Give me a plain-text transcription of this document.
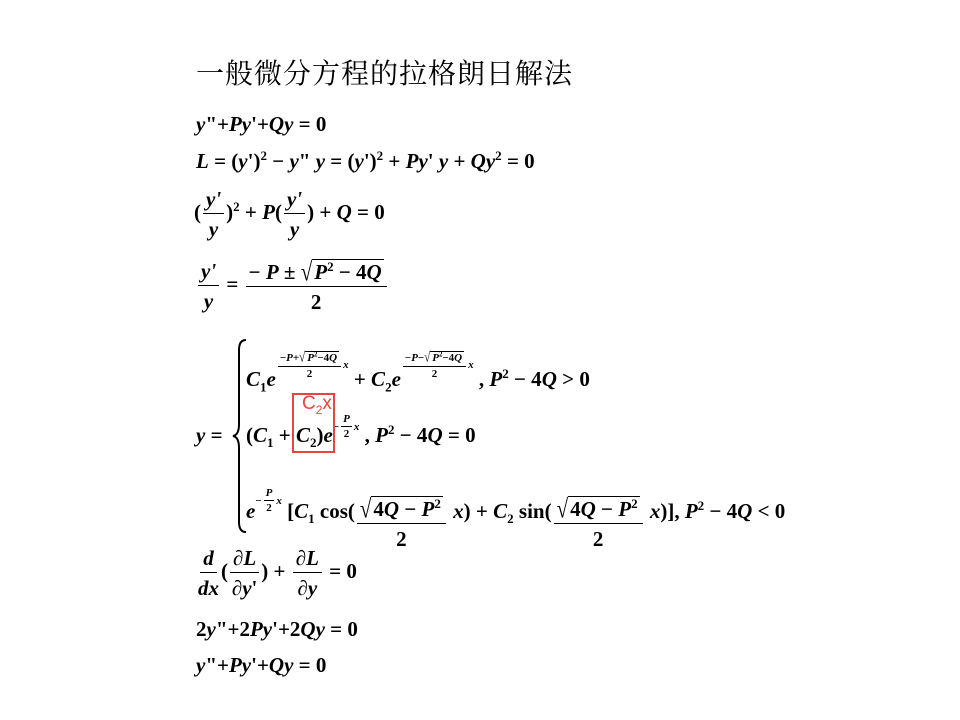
一般微分方程的拉格朗日解法
y"+Py'+Qy = 0
$L = (y')^2 - y$" $y = (y')^2 + Py'$ $y + Qy^2 = 0$
( $\frac{y'}{y} )^2 + P( \frac{y'}{y}$ ) + Q = 0
$\frac{y'}{y} = \frac{- P \pm √P^2 - 4Q}{2}$
y =
$C_1e$ $^{\frac{-P+√ P^2-4Q}{2} x} + C_2e$ $^{\frac{-P-√ P^2-4Q}{2} x}$ , $P^2 - 4Q > 0$
$(C_1 + C_2)e^{- \frac{P}{2} x}$ , $P^2 - 4Q = 0$
$e^{- \frac{P}{2} x}$ [$C_1$ $\cos( \frac{√4Q - P^2}{2} x) + C_2$ $\sin( \frac{√4Q - P^2}{2} x)$], $P^2 - 4Q < 0$
$C_2x$
$\frac{d}{dx}$ ( $\frac{\partial L}{\partial y'}$ ) + $\frac{\partial L}{\partial y} = 0$
2y"+2Py'+2Qy = 0
y"+Py'+Qy = 0
